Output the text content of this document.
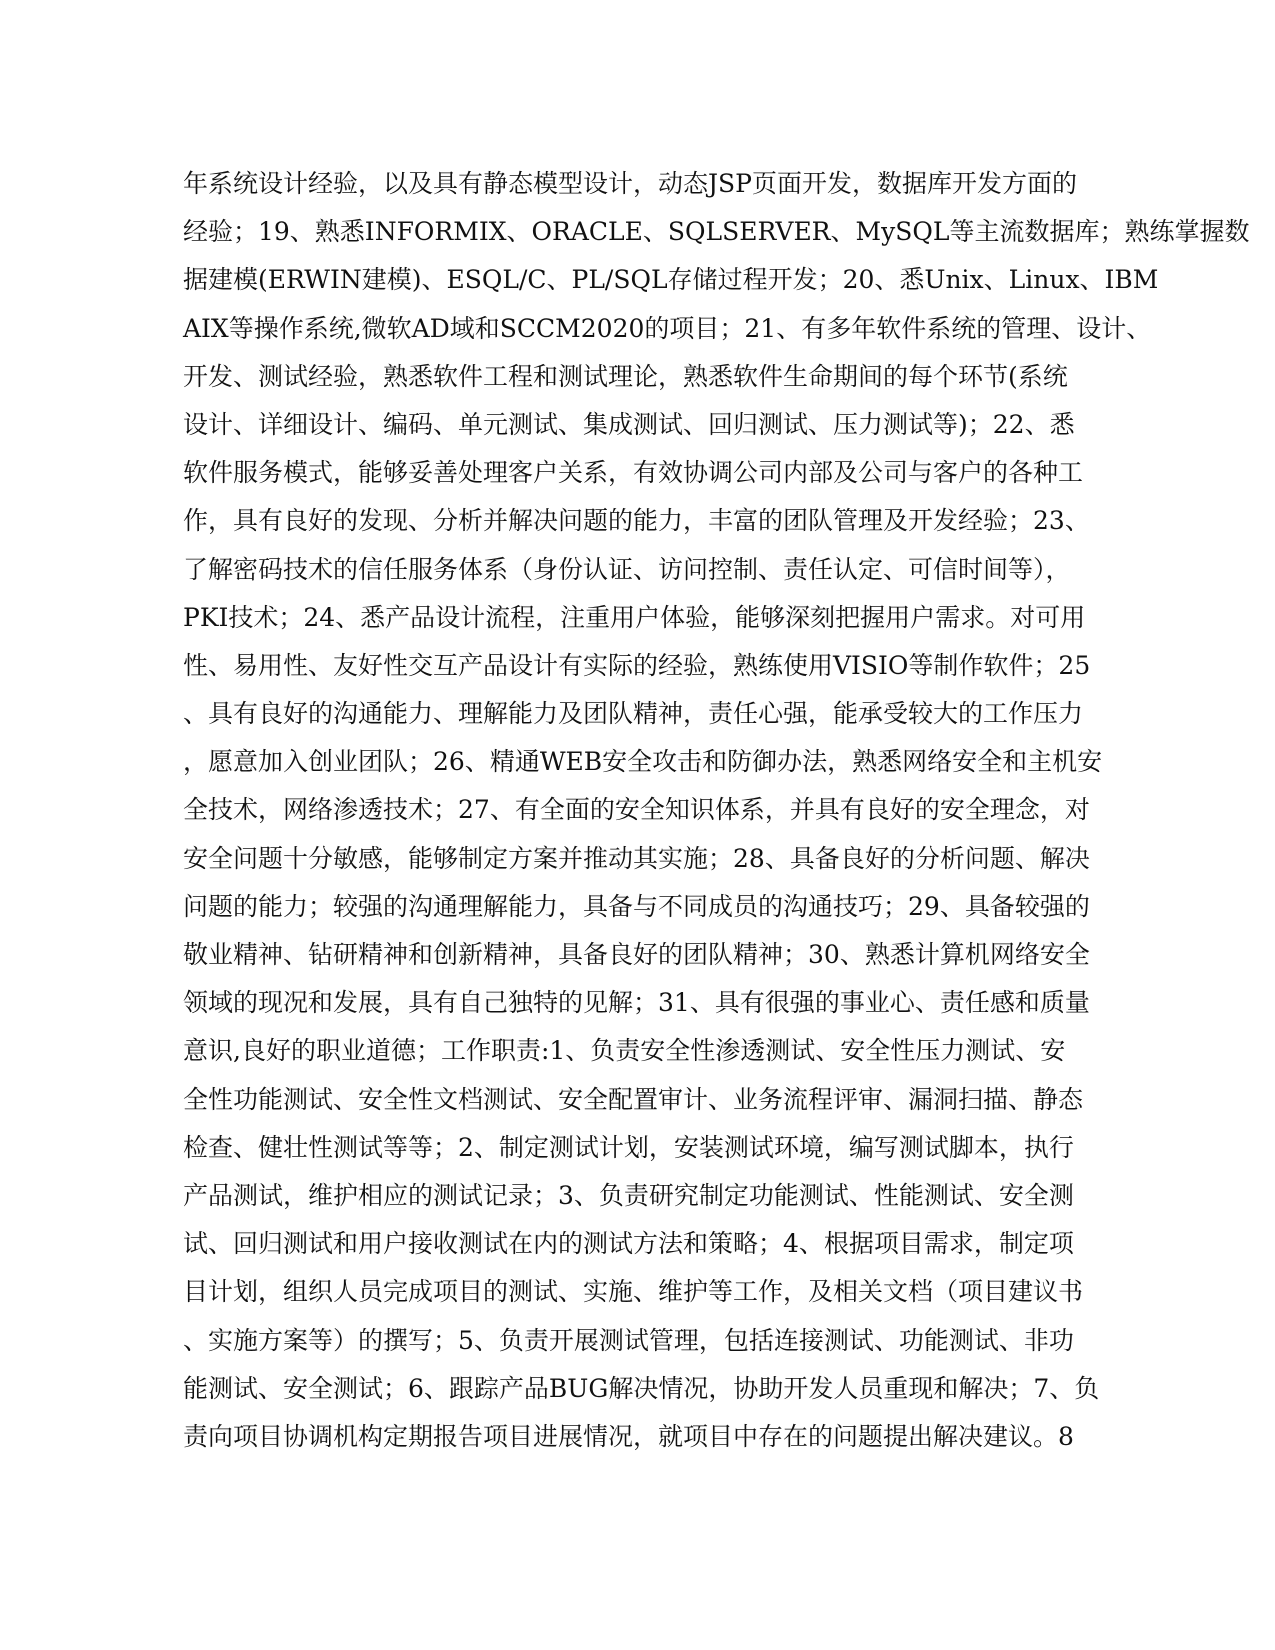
年系统设计经验，以及具有静态模型设计，动态JSP页面开发，数据库开发方面的
经验；19、熟悉INFORMIX、ORACLE、SQLSERVER、MySQL等主流数据库；熟练掌握数
据建模(ERWIN建模)、ESQL/C、PL/SQL存储过程开发；20、悉Unix、Linux、IBM
AIX等操作系统,微软AD域和SCCM2020的项目；21、有多年软件系统的管理、设计、
开发、测试经验，熟悉软件工程和测试理论，熟悉软件生命期间的每个环节(系统
设计、详细设计、编码、单元测试、集成测试、回归测试、压力测试等)；22、悉
软件服务模式，能够妥善处理客户关系，有效协调公司内部及公司与客户的各种工
作，具有良好的发现、分析并解决问题的能力，丰富的团队管理及开发经验；23、
了解密码技术的信任服务体系（身份认证、访问控制、责任认定、可信时间等），
PKI技术；24、悉产品设计流程，注重用户体验，能够深刻把握用户需求。对可用
性、易用性、友好性交互产品设计有实际的经验，熟练使用VISIO等制作软件；25
、具有良好的沟通能力、理解能力及团队精神，责任心强，能承受较大的工作压力
，愿意加入创业团队；26、精通WEB安全攻击和防御办法，熟悉网络安全和主机安
全技术，网络渗透技术；27、有全面的安全知识体系，并具有良好的安全理念，对
安全问题十分敏感，能够制定方案并推动其实施；28、具备良好的分析问题、解决
问题的能力；较强的沟通理解能力，具备与不同成员的沟通技巧；29、具备较强的
敬业精神、钻研精神和创新精神，具备良好的团队精神；30、熟悉计算机网络安全
领域的现况和发展，具有自己独特的见解；31、具有很强的事业心、责任感和质量
意识,良好的职业道德；工作职责:1、负责安全性渗透测试、安全性压力测试、安
全性功能测试、安全性文档测试、安全配置审计、业务流程评审、漏洞扫描、静态
检查、健壮性测试等等；2、制定测试计划，安装测试环境，编写测试脚本，执行
产品测试，维护相应的测试记录；3、负责研究制定功能测试、性能测试、安全测
试、回归测试和用户接收测试在内的测试方法和策略；4、根据项目需求，制定项
目计划，组织人员完成项目的测试、实施、维护等工作，及相关文档（项目建议书
、实施方案等）的撰写；5、负责开展测试管理，包括连接测试、功能测试、非功
能测试、安全测试；6、跟踪产品BUG解决情况，协助开发人员重现和解决；7、负
责向项目协调机构定期报告项目进展情况，就项目中存在的问题提出解决建议。8
